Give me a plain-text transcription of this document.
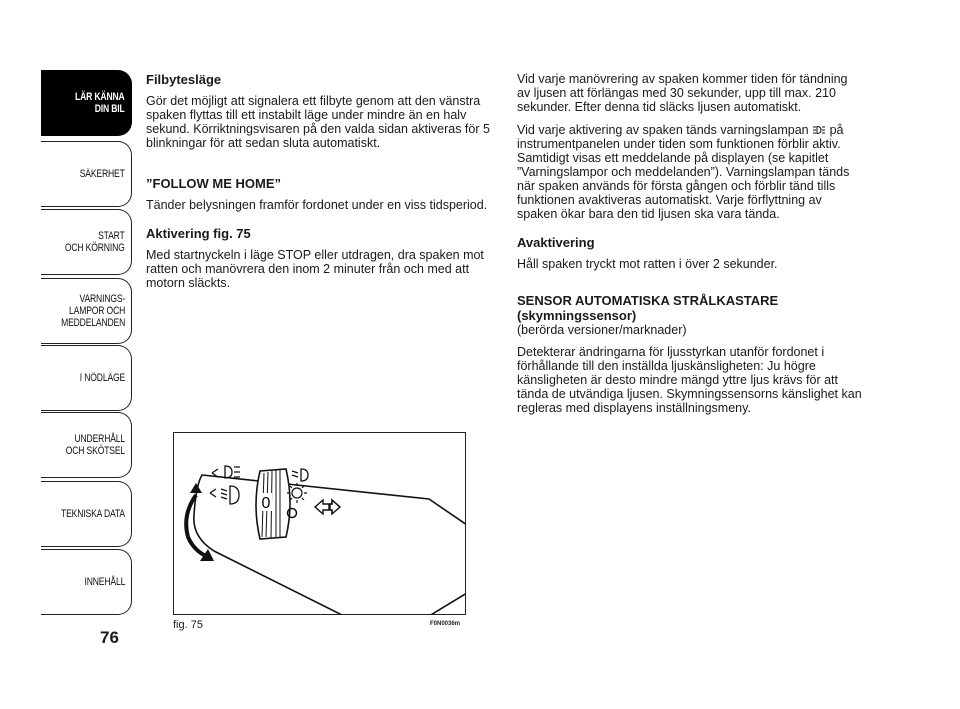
LÄR KÄNNA
DIN BIL
SÄKERHET
START
OCH KÖRNING
VARNINGS-
LAMPOR OCH
MEDDELANDEN
I NÖDLÄGE
UNDERHÅLL
OCH SKÖTSEL
TEKNISKA DATA
INNEHÅLL
76
Filbytesläge

Gör det möjligt att signalera ett filbyte genom att den vänstra spaken flyttas till ett instabilt läge under mindre än en halv sekund. Körriktningsvisaren på den valda sidan aktiveras för 5 blinkningar för att sedan sluta automatiskt.

”FOLLOW ME HOME”

Tänder belysningen framför fordonet under en viss tidsperiod.

Aktivering fig. 75

Med startnyckeln i läge STOP eller utdragen, dra spaken mot ratten och manövrera den inom 2 minuter från och med att motorn släckts.

Vid varje manövrering av spaken kommer tiden för tändning av ljusen att förlängas med 30 sekunder, upp till max. 210 sekunder. Efter denna tid släcks ljusen automatiskt.

Vid varje aktivering av spaken tänds varningslampan på instrumentpanelen under tiden som funktionen förblir aktiv. Samtidigt visas ett meddelande på displayen (se kapitlet ”Varningslampor och meddelanden”). Varningslampan tänds när spaken används för första gången och förblir tänd tills funktionen avaktiveras automatiskt. Varje förflyttning av spaken ökar bara den tid ljusen ska vara tända.

Avaktivering

Håll spaken tryckt mot ratten i över 2 sekunder.

SENSOR AUTOMATISKA STRÅLKASTARE (skymningssensor)

(berörda versioner/marknader)

Detekterar ändringarna för ljusstyrkan utanför fordonet i förhållande till den inställda ljuskänsligheten: Ju högre känsligheten är desto mindre mängd yttre ljus krävs för att tända de utvändiga ljusen. Skymningssensorns känslighet kan regleras med displayens inställningsmeny.

0
fig. 75	F0N0036m
